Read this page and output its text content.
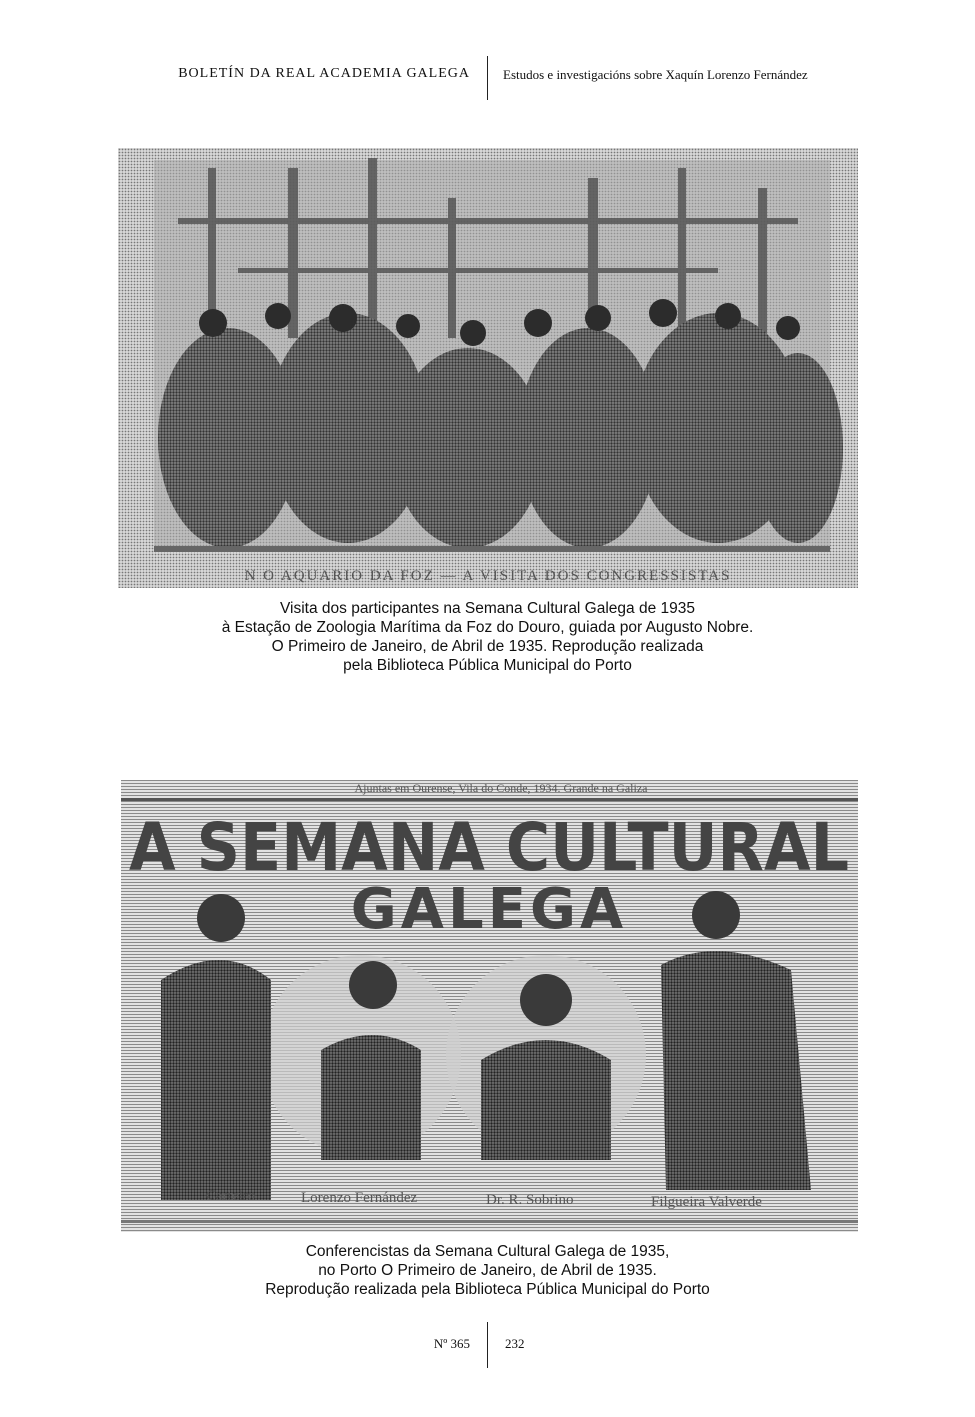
BOLETÍN DA REAL ACADEMIA GALEGA	Estudos e investigacións sobre Xaquín Lorenzo Fernández
N O AQUARIO DA FOZ — A VISITA DOS CONGRESSISTAS
Visita dos participantes na Semana Cultural Galega de 1935
à Estação de Zoologia Marítima da Foz do Douro, guiada por Augusto Nobre.
O Primeiro de Janeiro, de Abril de 1935. Reprodução realizada
pela Biblioteca Pública Municipal do Porto
Ajuntas em Ourense, Vila do Conde, 1934. Grande na Galiza
A SEMANA CULTURAL
GALEGA
Carteiro	Lorenzo Fernández	Dr. R. Sobrino	Filgueira Valverde
Conferencistas da Semana Cultural Galega de 1935,
no Porto O Primeiro de Janeiro, de Abril de 1935.
Reprodução realizada pela Biblioteca Pública Municipal do Porto
Nº 365	232
